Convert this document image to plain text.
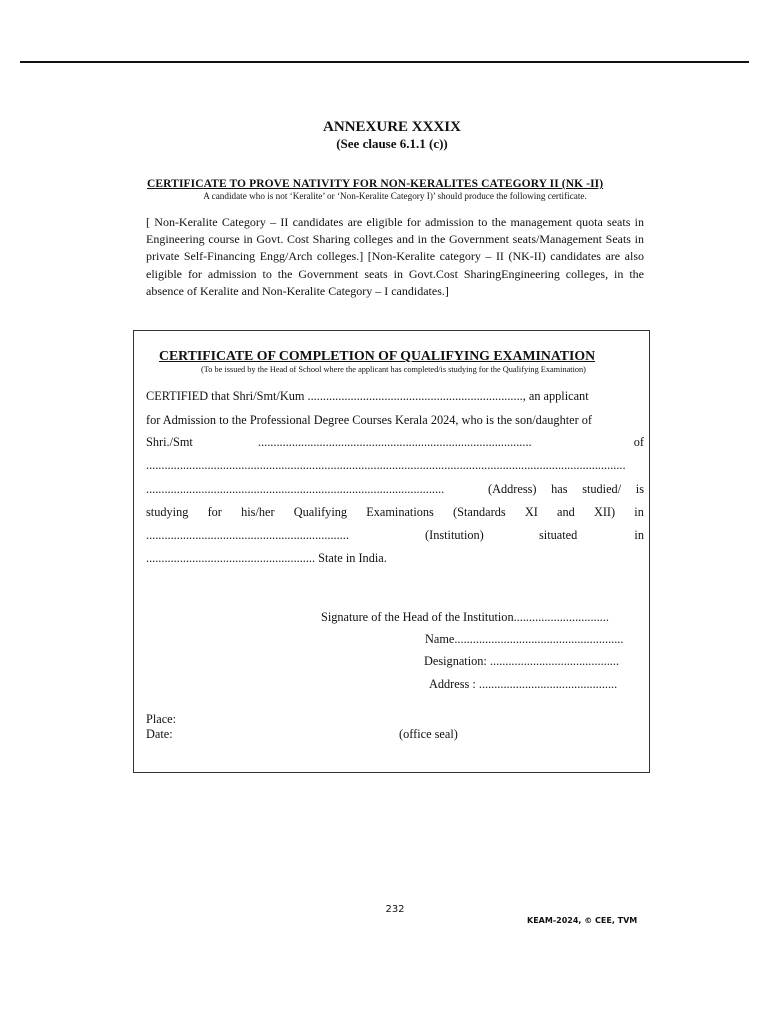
ANNEXURE XXXIX
(See clause 6.1.1 (c))
CERTIFICATE TO PROVE NATIVITY FOR NON-KERALITES CATEGORY II (NK -II)
A candidate who is not ‘Keralite’ or ‘Non-Keralite Category I)’ should produce the following certificate.
[ Non-Keralite Category – II candidates are eligible for admission to the management quota seats in Engineering course in Govt. Cost Sharing colleges and in the Government seats/Management Seats in private Self-Financing Engg/Arch colleges.] [Non-Keralite category – II (NK-II) candidates are also eligible for admission to the Government seats in Govt.Cost SharingEngineering colleges, in the absence of Keralite and Non-Keralite Category – I candidates.]
CERTIFICATE OF COMPLETION OF QUALIFYING EXAMINATION
(To be issued by the Head of School where the applicant has completed/is studying for the Qualifying Examination)
CERTIFIED that Shri/Smt/Kum ......................................................................, an applicant
for Admission to the Professional Degree Courses Kerala 2024, who is the son/daughter of
Shri./Smt	.........................................................................................	of
............................................................................................................................................................
.................................................................................................	(Address) has studied/ is
studying for his/her Qualifying Examinations (Standards XI and XII) in
..................................................................	(Institution)	situated	in
....................................................... State in India.
Signature of the Head of the Institution...............................
Name.......................................................
Designation: ..........................................
Address : .............................................
Place:
Date:	(office seal)
232
KEAM-2024, © CEE, TVM
